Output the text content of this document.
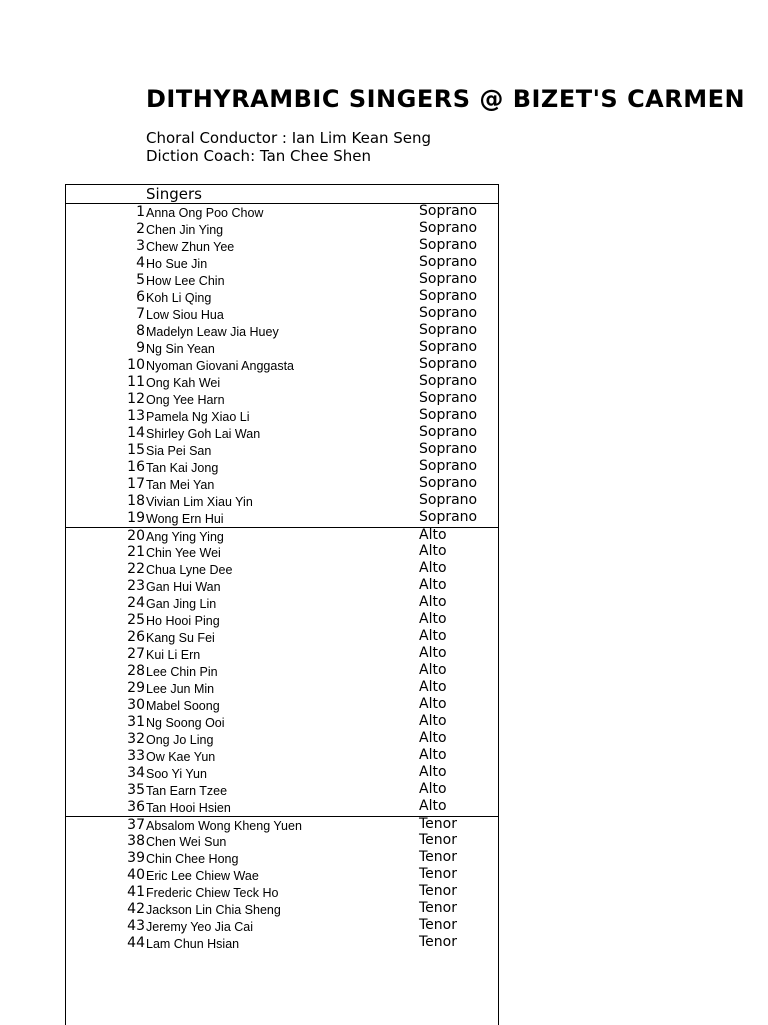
DITHYRAMBIC SINGERS @ BIZET'S CARMEN
Choral Conductor : Ian Lim Kean Seng
Diction Coach: Tan Chee Shen
Singers
1 Anna Ong Poo Chow	Soprano
2 Chen Jin Ying	Soprano
3 Chew Zhun Yee	Soprano
4 Ho Sue Jin	Soprano
5 How Lee Chin	Soprano
6 Koh Li Qing	Soprano
7 Low Siou Hua	Soprano
8 Madelyn Leaw Jia Huey	Soprano
9 Ng Sin Yean	Soprano
10 Nyoman Giovani Anggasta	Soprano
11 Ong Kah Wei	Soprano
12 Ong Yee Harn	Soprano
13 Pamela Ng Xiao Li	Soprano
14 Shirley Goh Lai Wan	Soprano
15 Sia Pei San	Soprano
16 Tan Kai Jong	Soprano
17 Tan Mei Yan	Soprano
18 Vivian Lim Xiau Yin	Soprano
19 Wong Ern Hui	Soprano
20 Ang Ying Ying	Alto
21 Chin Yee Wei	Alto
22 Chua Lyne Dee	Alto
23 Gan Hui Wan	Alto
24 Gan Jing Lin	Alto
25 Ho Hooi Ping	Alto
26 Kang Su Fei	Alto
27 Kui Li Ern	Alto
28 Lee Chin Pin	Alto
29 Lee Jun Min	Alto
30 Mabel Soong	Alto
31 Ng Soong Ooi	Alto
32 Ong Jo Ling	Alto
33 Ow Kae Yun	Alto
34 Soo Yi Yun	Alto
35 Tan Earn Tzee	Alto
36 Tan Hooi Hsien	Alto
37 Absalom Wong Kheng Yuen	Tenor
38 Chen Wei Sun	Tenor
39 Chin Chee Hong	Tenor
40 Eric Lee Chiew Wae	Tenor
41 Frederic Chiew Teck Ho	Tenor
42 Jackson Lin Chia Sheng	Tenor
43 Jeremy Yeo Jia Cai	Tenor
44 Lam Chun Hsian	Tenor
